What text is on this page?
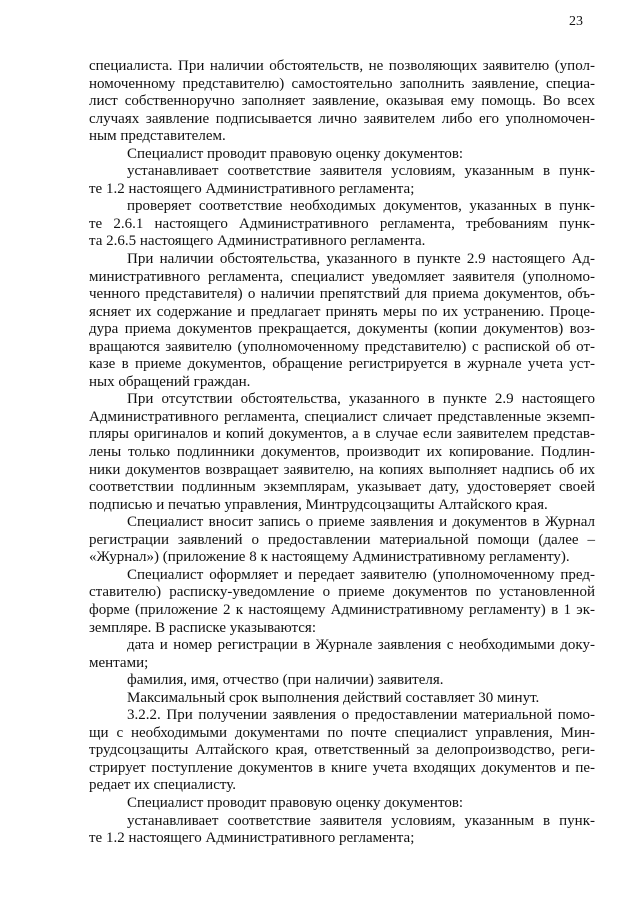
23
специалиста. При наличии обстоятельств, не позволяющих заявителю (упол-
номоченному представителю) самостоятельно заполнить заявление, специа-
лист собственноручно заполняет заявление, оказывая ему помощь. Во всех
случаях заявление подписывается лично заявителем либо его уполномочен-
ным представителем.
Специалист проводит правовую оценку документов:
устанавливает соответствие заявителя условиям, указанным в пунк-
те 1.2 настоящего Административного регламента;
проверяет соответствие необходимых документов, указанных в пунк-
те 2.6.1 настоящего Административного регламента, требованиям пунк-
та 2.6.5 настоящего Административного регламента.
При наличии обстоятельства, указанного в пункте 2.9 настоящего Ад-
министративного регламента, специалист уведомляет заявителя (уполномо-
ченного представителя) о наличии препятствий для приема документов, объ-
ясняет их содержание и предлагает принять меры по их устранению. Проце-
дура приема документов прекращается, документы (копии документов) воз-
вращаются заявителю (уполномоченному представителю) с распиской об от-
казе в приеме документов, обращение регистрируется в журнале учета уст-
ных обращений граждан.
При отсутствии обстоятельства, указанного в пункте 2.9 настоящего
Административного регламента, специалист сличает представленные экземп-
пляры оригиналов и копий документов, а в случае если заявителем представ-
лены только подлинники документов, производит их копирование. Подлин-
ники документов возвращает заявителю, на копиях выполняет надпись об их
соответствии подлинным экземплярам, указывает дату, удостоверяет своей
подписью и печатью управления, Минтрудсоцзащиты Алтайского края.
Специалист вносит запись о приеме заявления и документов в Журнал
регистрации заявлений о предоставлении материальной помощи (далее –
«Журнал») (приложение 8 к настоящему Административному регламенту).
Специалист оформляет и передает заявителю (уполномоченному пред-
ставителю) расписку-уведомление о приеме документов по установленной
форме (приложение 2 к настоящему Административному регламенту) в 1 эк-
земпляре. В расписке указываются:
дата и номер регистрации в Журнале заявления с необходимыми доку-
ментами;
фамилия, имя, отчество (при наличии) заявителя.
Максимальный срок выполнения действий составляет 30 минут.
3.2.2. При получении заявления о предоставлении материальной помо-
щи с необходимыми документами по почте специалист управления, Мин-
трудсоцзащиты Алтайского края, ответственный за делопроизводство, реги-
стрирует поступление документов в книге учета входящих документов и пе-
редает их специалисту.
Специалист проводит правовую оценку документов:
устанавливает соответствие заявителя условиям, указанным в пунк-
те 1.2 настоящего Административного регламента;
